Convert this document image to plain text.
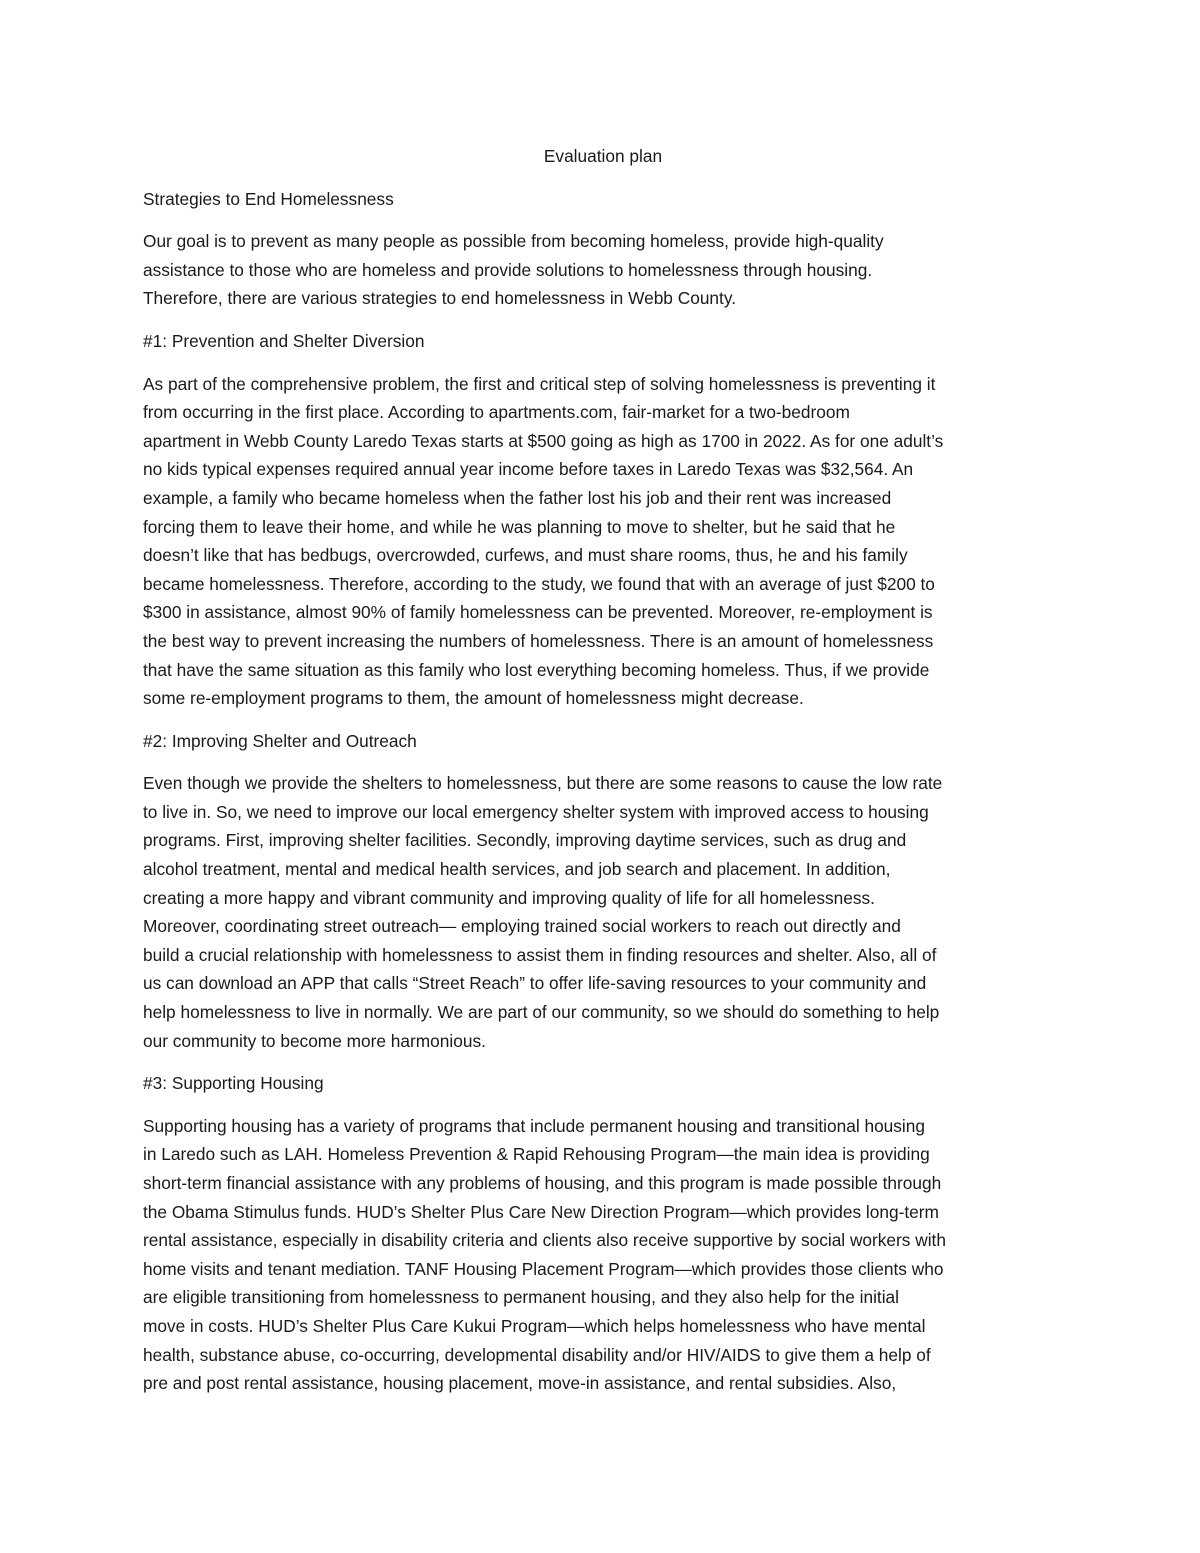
Evaluation plan
Strategies to End Homelessness
Our goal is to prevent as many people as possible from becoming homeless, provide high-quality
assistance to those who are homeless and provide solutions to homelessness through housing.
Therefore, there are various strategies to end homelessness in Webb County.
#1: Prevention and Shelter Diversion
As part of the comprehensive problem, the first and critical step of solving homelessness is preventing it
from occurring in the first place. According to apartments.com, fair-market for a two-bedroom
apartment in Webb County Laredo Texas starts at $500 going as high as 1700 in 2022. As for one adult’s
no kids typical expenses required annual year income before taxes in Laredo Texas was $32,564. An
example, a family who became homeless when the father lost his job and their rent was increased
forcing them to leave their home, and while he was planning to move to shelter, but he said that he
doesn’t like that has bedbugs, overcrowded, curfews, and must share rooms, thus, he and his family
became homelessness. Therefore, according to the study, we found that with an average of just $200 to
$300 in assistance, almost 90% of family homelessness can be prevented. Moreover, re-employment is
the best way to prevent increasing the numbers of homelessness. There is an amount of homelessness
that have the same situation as this family who lost everything becoming homeless. Thus, if we provide
some re-employment programs to them, the amount of homelessness might decrease.
#2: Improving Shelter and Outreach
Even though we provide the shelters to homelessness, but there are some reasons to cause the low rate
to live in. So, we need to improve our local emergency shelter system with improved access to housing
programs. First, improving shelter facilities. Secondly, improving daytime services, such as drug and
alcohol treatment, mental and medical health services, and job search and placement. In addition,
creating a more happy and vibrant community and improving quality of life for all homelessness.
Moreover, coordinating street outreach— employing trained social workers to reach out directly and
build a crucial relationship with homelessness to assist them in finding resources and shelter. Also, all of
us can download an APP that calls “Street Reach” to offer life-saving resources to your community and
help homelessness to live in normally. We are part of our community, so we should do something to help
our community to become more harmonious.
#3: Supporting Housing
Supporting housing has a variety of programs that include permanent housing and transitional housing
in Laredo such as LAH. Homeless Prevention & Rapid Rehousing Program—the main idea is providing
short-term financial assistance with any problems of housing, and this program is made possible through
the Obama Stimulus funds. HUD’s Shelter Plus Care New Direction Program—which provides long-term
rental assistance, especially in disability criteria and clients also receive supportive by social workers with
home visits and tenant mediation. TANF Housing Placement Program—which provides those clients who
are eligible transitioning from homelessness to permanent housing, and they also help for the initial
move in costs. HUD’s Shelter Plus Care Kukui Program—which helps homelessness who have mental
health, substance abuse, co-occurring, developmental disability and/or HIV/AIDS to give them a help of
pre and post rental assistance, housing placement, move-in assistance, and rental subsidies. Also,
